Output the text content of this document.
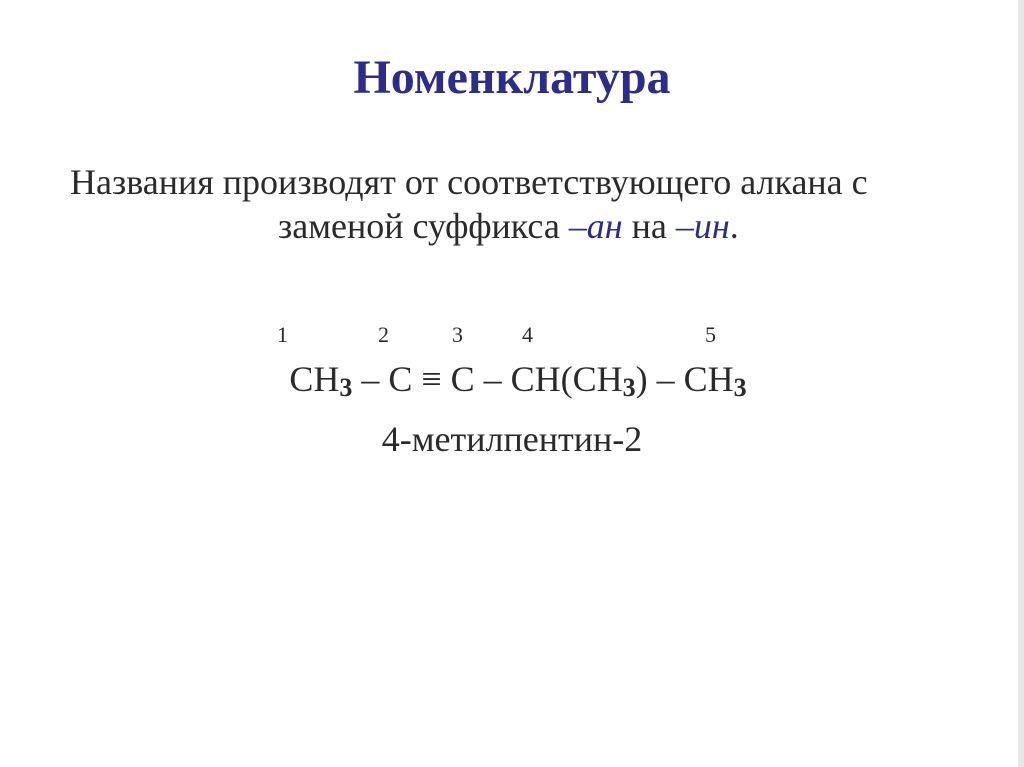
Номенклатура
Названия производят от соответствующего алкана с
заменой суффикса –ан на –ин.
1	2	3	4	5
CH3 – C ≡ C – CH(CH3) – CH3
4-метилпентин-2
